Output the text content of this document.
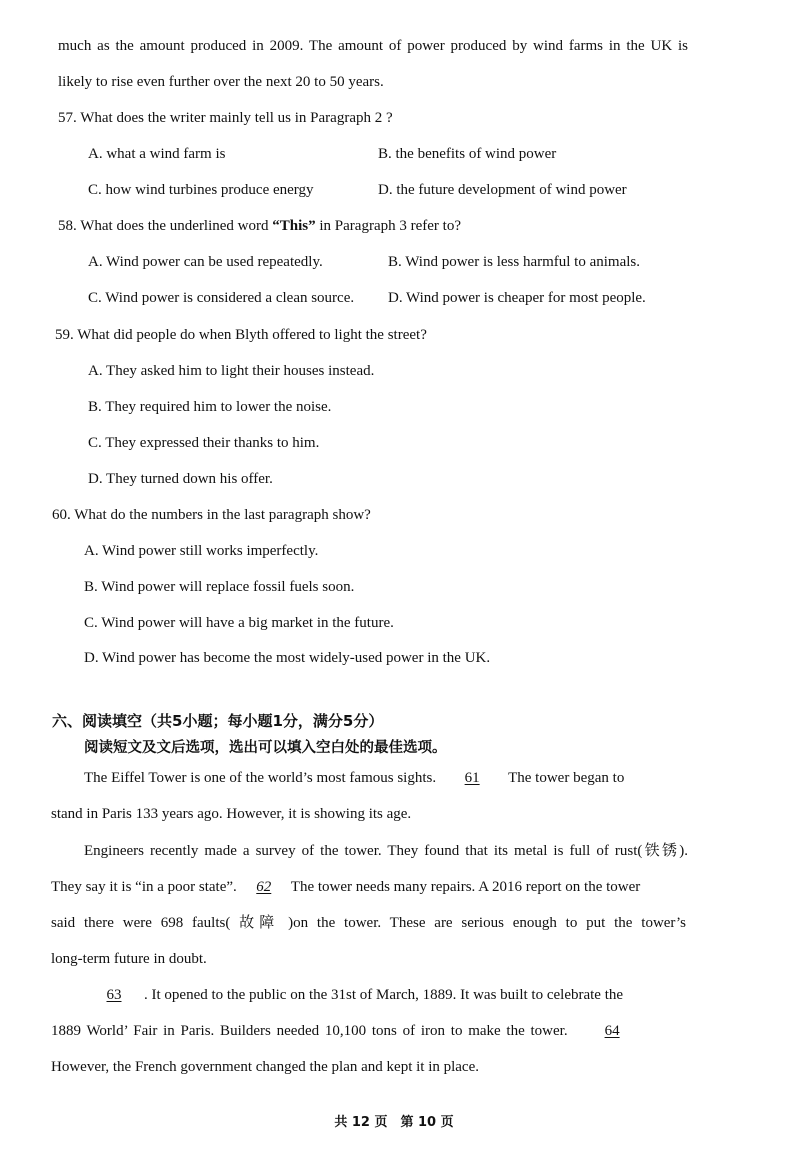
much as the amount produced in 2009. The amount of power produced by wind farms in the UK is
likely to rise even further over the next 20 to 50 years.
57. What does the writer mainly tell us in Paragraph 2 ?
A. what a wind farm is	B. the benefits of wind power
C. how wind turbines produce energy	D. the future development of wind power
58. What does the underlined word “This” in Paragraph 3 refer to?
A. Wind power can be used repeatedly.	B. Wind power is less harmful to animals.
C. Wind power is considered a clean source. D. Wind power is cheaper for most people.
59. What did people do when Blyth offered to light the street?
A. They asked him to light their houses instead.
B. They required him to lower the noise.
C. They expressed their thanks to him.
D. They turned down his offer.
60. What do the numbers in the last paragraph show?
A. Wind power still works imperfectly.
B. Wind power will replace fossil fuels soon.
C. Wind power will have a big market in the future.
D. Wind power has become the most widely-used power in the UK.
六、阅读填空（共5小题；每小题1分，满分5分）
阅读短文及文后选项，选出可以填入空白处的最佳选项。
The Eiffel Tower is one of the world’s most famous sights. 61 The tower began to
stand in Paris 133 years ago. However, it is showing its age.
Engineers recently made a survey of the tower. They found that its metal is full of rust(铁锈).
They say it is “in a poor state”. 62 The tower needs many repairs. A 2016 report on the tower
said there were 698 faults( 故障 )on the tower. These are serious enough to put the tower’s
long-term future in doubt.
63 . It opened to the public on the 31st of March, 1889. It was built to celebrate the
1889 World’ Fair in Paris. Builders needed 10,100 tons of iron to make the tower. 64
However, the French government changed the plan and kept it in place.
共 12 页　第 10 页
